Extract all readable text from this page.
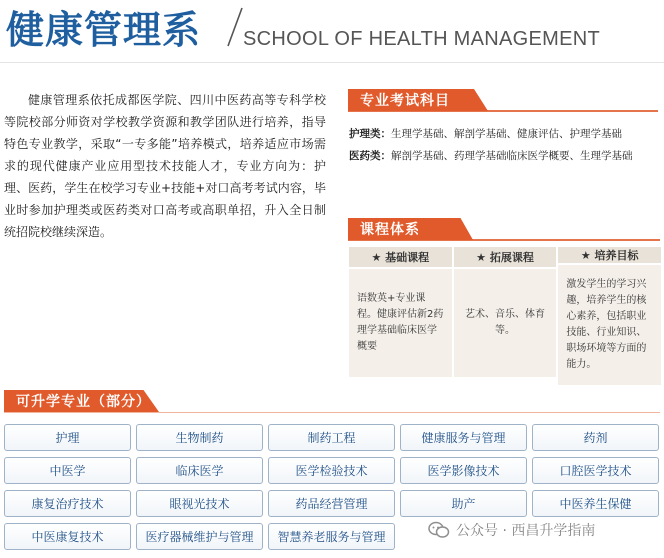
健康管理系 SCHOOL OF HEALTH MANAGEMENT

健康管理系依托成都医学院、四川中医药高等专科学校等院校部分师资对学校教学资源和教学团队进行培养，指导特色专业教学，采取“一专多能”培养模式，培养适应市场需求的现代健康产业应用型技术技能人才，专业方向为：护理、医药，学生在校学习专业+技能+对口高考考试内容，毕业时参加护理类或医药类对口高考或高职单招，升入全日制统招院校继续深造。

专业考试科目
护理类：生理学基础、解剖学基础、健康评估、护理学基础
医药类：解剖学基础、药理学基础临床医学概要、生理学基础
课程体系
★ 基础课程
语数英+专业课程。健康评估新2药理学基础临床医学概要
★ 拓展课程
艺术、音乐、体育等。
★ 培养目标
激发学生的学习兴趣，培养学生的核心素养，包括职业技能、行业知识、职场环境等方面的能力。
可升学专业（部分）
护理	生物制药	制药工程	健康服务与管理	药剂
中医学	临床医学	医学检验技术	医学影像技术	口腔医学技术
康复治疗技术	眼视光技术	药品经营管理	助产	中医养生保健
中医康复技术	医疗器械维护与管理	智慧养老服务与管理	公众号 · 西昌升学指南
